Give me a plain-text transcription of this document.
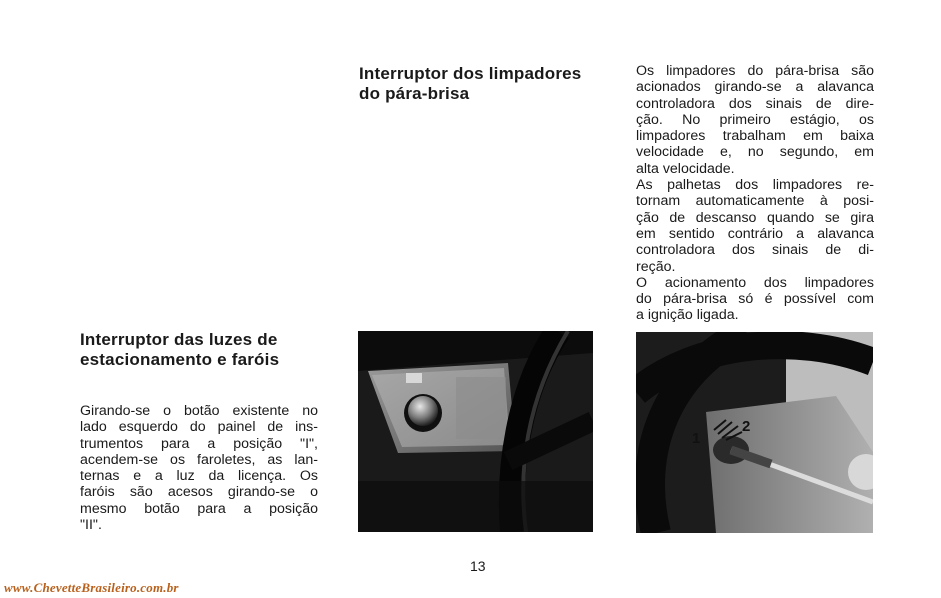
Interruptor das luzes de
estacionamento e faróis
Girando-se o botão existente no
lado esquerdo do painel de ins-
trumentos para a posição "I",
acendem-se os faroletes, as lan-
ternas e a luz da licença. Os
faróis são acesos girando-se o
mesmo botão para a posição
"II".
Interruptor dos limpadores
do pára-brisa
Os limpadores do pára-brisa são
acionados girando-se a alavanca
controladora dos sinais de dire-
ção. No primeiro estágio, os
limpadores trabalham em baixa
velocidade e, no segundo, em
alta velocidade.
As palhetas dos limpadores re-
tornam automaticamente à posi-
ção de descanso quando se gira
em sentido contrário a alavanca
controladora dos sinais de di-
reção.
O acionamento dos limpadores
do pára-brisa só é possível com
a ignição ligada.
1
2

13

www.ChevetteBrasileiro.com.br
